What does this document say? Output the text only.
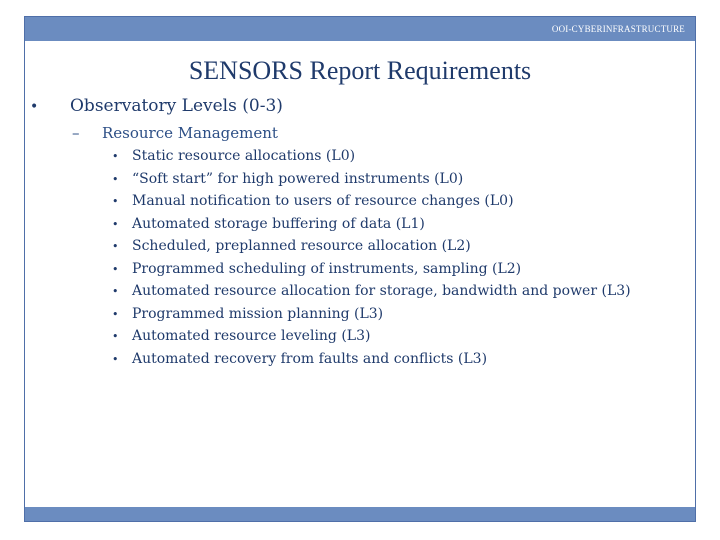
OOI-CYBERINFRASTRUCTURE
SENSORS Report Requirements
•	Observatory Levels (0-3)
–	Resource Management
• Static resource allocations (L0)
• “Soft start” for high powered instruments (L0)
• Manual notification to users of resource changes (L0)
• Automated storage buffering of data (L1)
• Scheduled, preplanned resource allocation (L2)
• Programmed scheduling of instruments, sampling (L2)
• Automated resource allocation for storage, bandwidth and power (L3)
• Programmed mission planning (L3)
• Automated resource leveling (L3)
• Automated recovery from faults and conflicts (L3)
